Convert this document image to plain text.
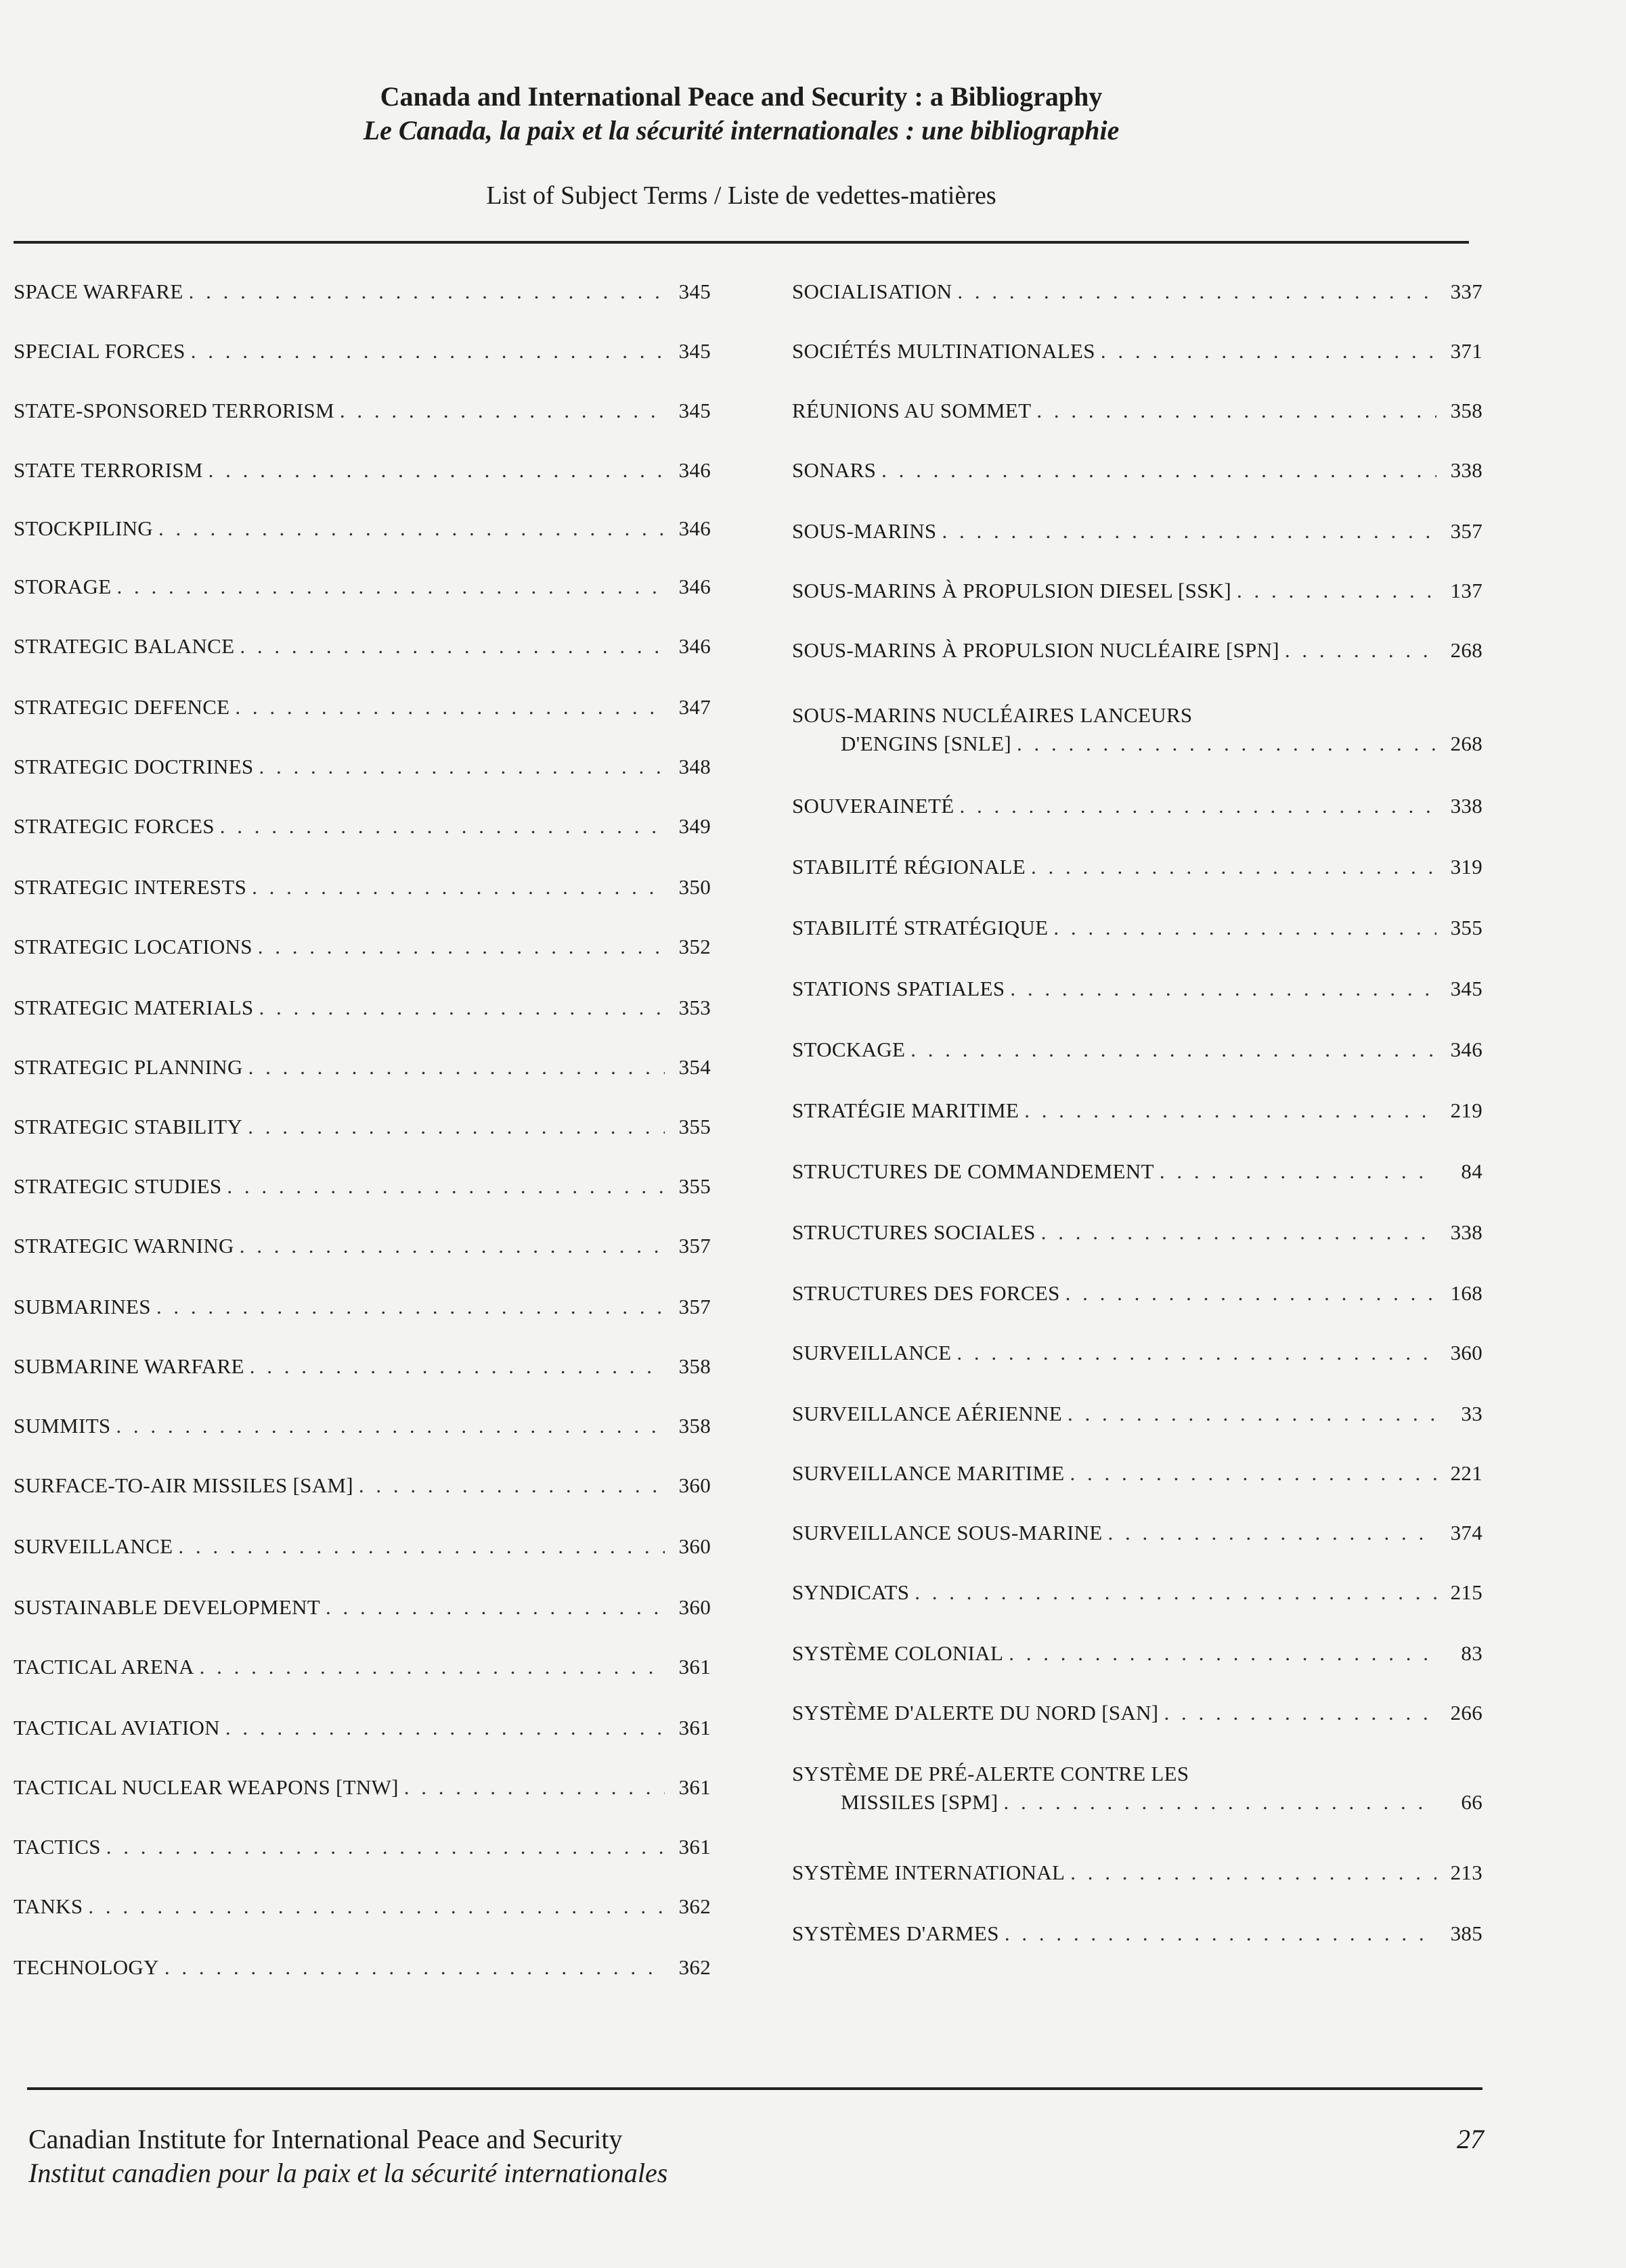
Canada and International Peace and Security : a Bibliography
Le Canada, la paix et la sécurité internationales : une bibliographie
List of Subject Terms / Liste de vedettes-matières
SPACE WARFARE . . .	345
SPECIAL FORCES . . .	345
STATE-SPONSORED TERRORISM . . .	345
STATE TERRORISM . . .	346
STOCKPILING . . .	346
STORAGE . . .	346
STRATEGIC BALANCE . . .	346
STRATEGIC DEFENCE . . .	347
STRATEGIC DOCTRINES . . .	348
STRATEGIC FORCES . . .	349
STRATEGIC INTERESTS . . .	350
STRATEGIC LOCATIONS . . .	352
STRATEGIC MATERIALS . . .	353
STRATEGIC PLANNING . . .	354
STRATEGIC STABILITY . . .	355
STRATEGIC STUDIES . . .	355
STRATEGIC WARNING . . .	357
SUBMARINES . . .	357
SUBMARINE WARFARE . . .	358
SUMMITS . . .	358
SURFACE-TO-AIR MISSILES [SAM] . . .	360
SURVEILLANCE . . .	360
SUSTAINABLE DEVELOPMENT . . .	360
TACTICAL ARENA . . .	361
TACTICAL AVIATION . . .	361
TACTICAL NUCLEAR WEAPONS [TNW] . . .	361
TACTICS . . .	361
TANKS . . .	362
TECHNOLOGY . . .	362
SOCIALISATION . . .	337
SOCIÉTÉS MULTINATIONALES . . .	371
RÉUNIONS AU SOMMET . . .	358
SONARS . . .	338
SOUS-MARINS . . .	357
SOUS-MARINS À PROPULSION DIESEL [SSK] . . .	137
SOUS-MARINS À PROPULSION NUCLÉAIRE [SPN] . . .	268
SOUS-MARINS NUCLÉAIRES LANCEURS
D'ENGINS [SNLE] . . .	268
SOUVERAINETÉ . . .	338
STABILITÉ RÉGIONALE . . .	319
STABILITÉ STRATÉGIQUE . . .	355
STATIONS SPATIALES . . .	345
STOCKAGE . . .	346
STRATÉGIE MARITIME . . .	219
STRUCTURES DE COMMANDEMENT . . .	84
STRUCTURES SOCIALES . . .	338
STRUCTURES DES FORCES . . .	168
SURVEILLANCE . . .	360
SURVEILLANCE AÉRIENNE . . .	33
SURVEILLANCE MARITIME . . .	221
SURVEILLANCE SOUS-MARINE . . .	374
SYNDICATS . . .	215
SYSTÈME COLONIAL . . .	83
SYSTÈME D'ALERTE DU NORD [SAN] . . .	266
SYSTÈME DE PRÉ-ALERTE CONTRE LES
MISSILES [SPM] . . .	66
SYSTÈME INTERNATIONAL . . .	213
SYSTÈMES D'ARMES . . .	385
Canadian Institute for International Peace and Security
Institut canadien pour la paix et la sécurité internationales
27
